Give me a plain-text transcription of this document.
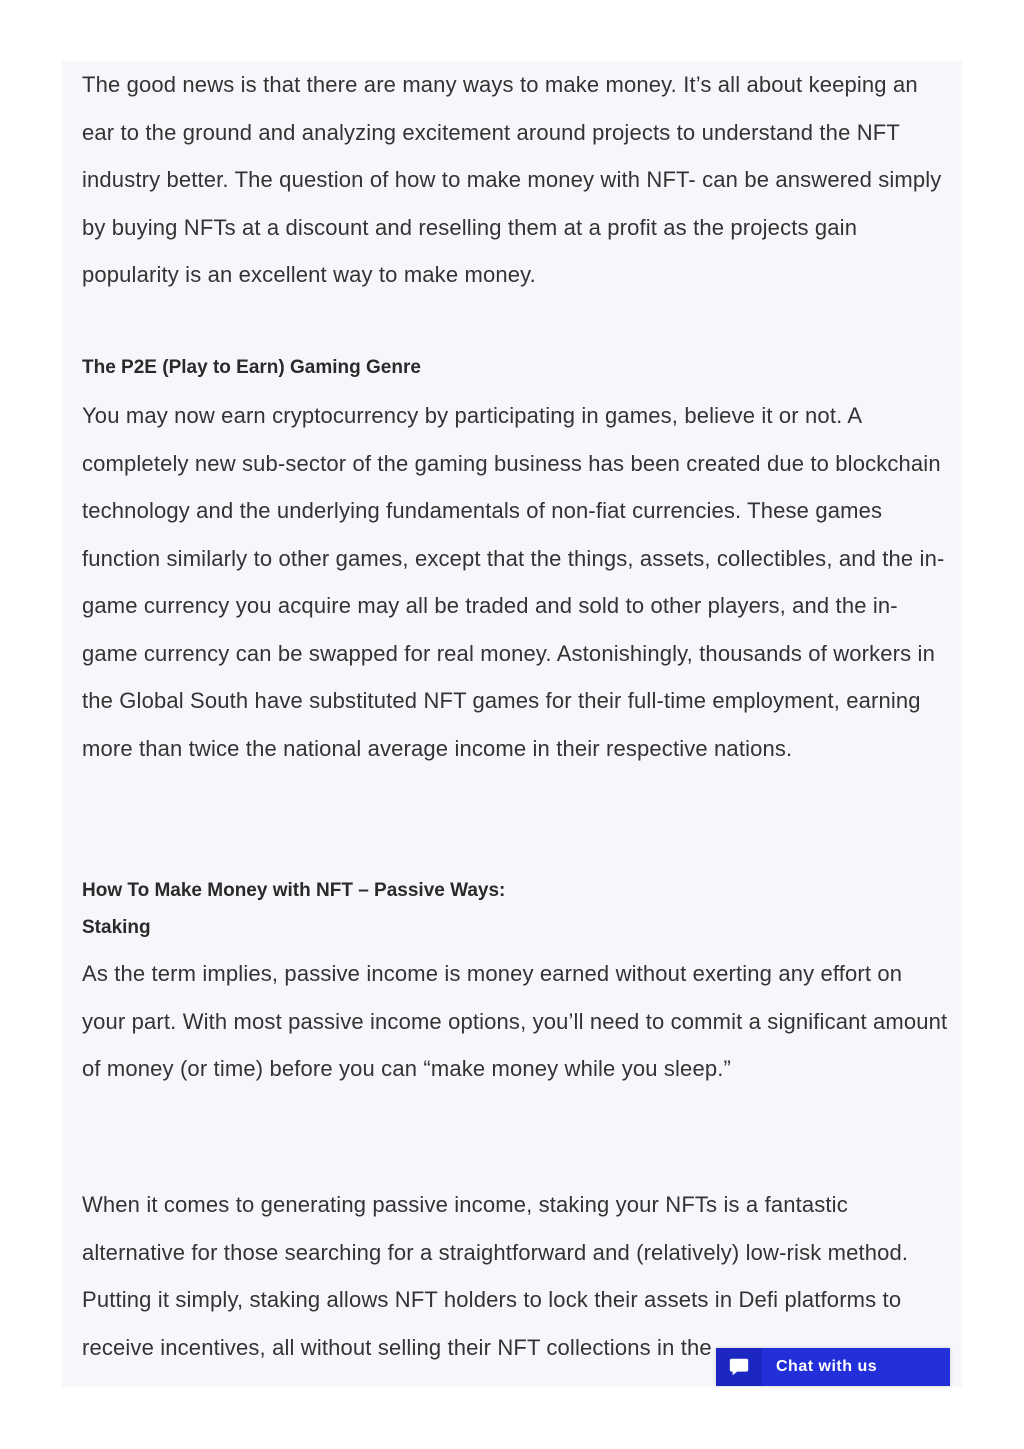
The good news is that there are many ways to make money. It’s all about keeping an ear to the ground and analyzing excitement around projects to understand the NFT industry better. The question of how to make money with NFT- can be answered simply by buying NFTs at a discount and reselling them at a profit as the projects gain popularity is an excellent way to make money.

The P2E (Play to Earn) Gaming Genre

You may now earn cryptocurrency by participating in games, believe it or not. A completely new sub-sector of the gaming business has been created due to blockchain technology and the underlying fundamentals of non-fiat currencies. These games function similarly to other games, except that the things, assets, collectibles, and the in-game currency you acquire may all be traded and sold to other players, and the in-game currency can be swapped for real money. Astonishingly, thousands of workers in the Global South have substituted NFT games for their full-time employment, earning more than twice the national average income in their respective nations.

How To Make Money with NFT – Passive Ways:
Staking

As the term implies, passive income is money earned without exerting any effort on your part. With most passive income options, you’ll need to commit a significant amount of money (or time) before you can “make money while you sleep.”

When it comes to generating passive income, staking your NFTs is a fantastic alternative for those searching for a straightforward and (relatively) low-risk method. Putting it simply, staking allows NFT holders to lock their assets in Defi platforms to receive incentives, all without selling their NFT collections in the

Chat with us
